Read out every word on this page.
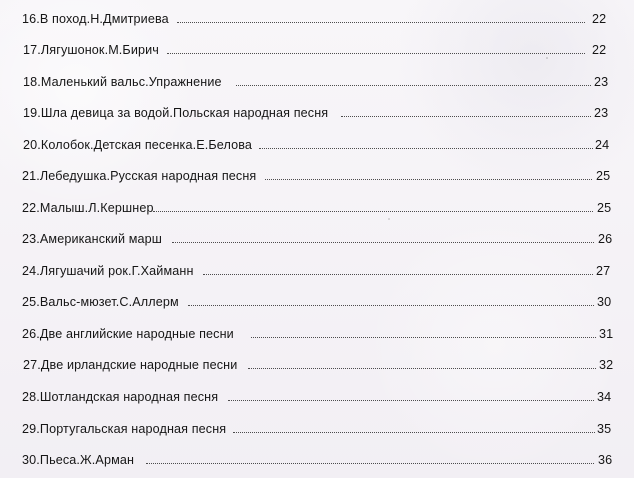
16.В поход.Н.Дмитриева	22
17.Лягушонок.М.Бирич	22
18.Маленький вальс.Упражнение	23
19.Шла девица за водой.Польская народная песня	23
20.Колобок.Детская песенка.Е.Белова	24
21.Лебедушка.Русская народная песня	25
22.Малыш.Л.Кершнер	25
23.Американский марш	26
24.Лягушачий рок.Г.Хайманн	27
25.Вальс-мюзет.С.Аллерм	30
26.Две английские народные песни	31
27.Две ирландские народные песни	32
28.Шотландская народная песня	34
29.Португальская народная песня	35
30.Пьеса.Ж.Арман	36
